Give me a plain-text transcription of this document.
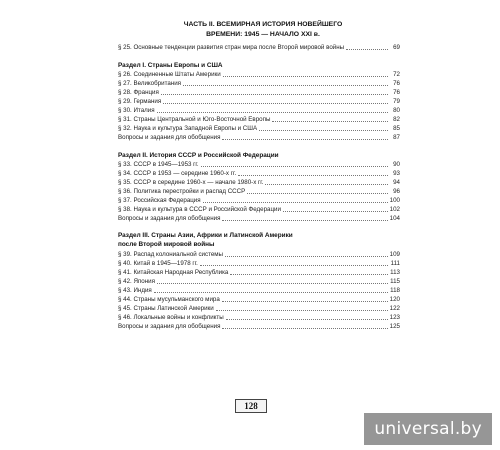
ЧАСТЬ II. ВСЕМИРНАЯ ИСТОРИЯ НОВЕЙШЕГО
ВРЕМЕНИ: 1945 — НАЧАЛО XXI в.
§ 25. Основные тенденции развития стран мира после Второй мировой войны	69
Раздел I. Страны Европы и США
§ 26. Соединенные Штаты Америки	72
§ 27. Великобритания	76
§ 28. Франция	76
§ 29. Германия	79
§ 30. Италия	80
§ 31. Страны Центральной и Юго-Восточной Европы	82
§ 32. Наука и культура Западной Европы и США	85
Вопросы и задания для обобщения	87
Раздел II. История СССР и Российской Федерации
§ 33. СССР в 1945—1953 гг.	90
§ 34. СССР в 1953 — середине 1960-х гг.	93
§ 35. СССР в середине 1960-х — начале 1980-х гг.	94
§ 36. Политика перестройки и распад СССР	96
§ 37. Российская Федерация	100
§ 38. Наука и культура в СССР и Российской Федерации	102
Вопросы и задания для обобщения	104
Раздел III. Страны Азии, Африки и Латинской Америки
после Второй мировой войны
§ 39. Распад колониальной системы	109
§ 40. Китай в 1945—1978 гг.	111
§ 41. Китайская Народная Республика	113
§ 42. Япония	115
§ 43. Индия	118
§ 44. Страны мусульманского мира	120
§ 45. Страны Латинской Америки	122
§ 46. Локальные войны и конфликты	123
Вопросы и задания для обобщения	125
128
universal.by
